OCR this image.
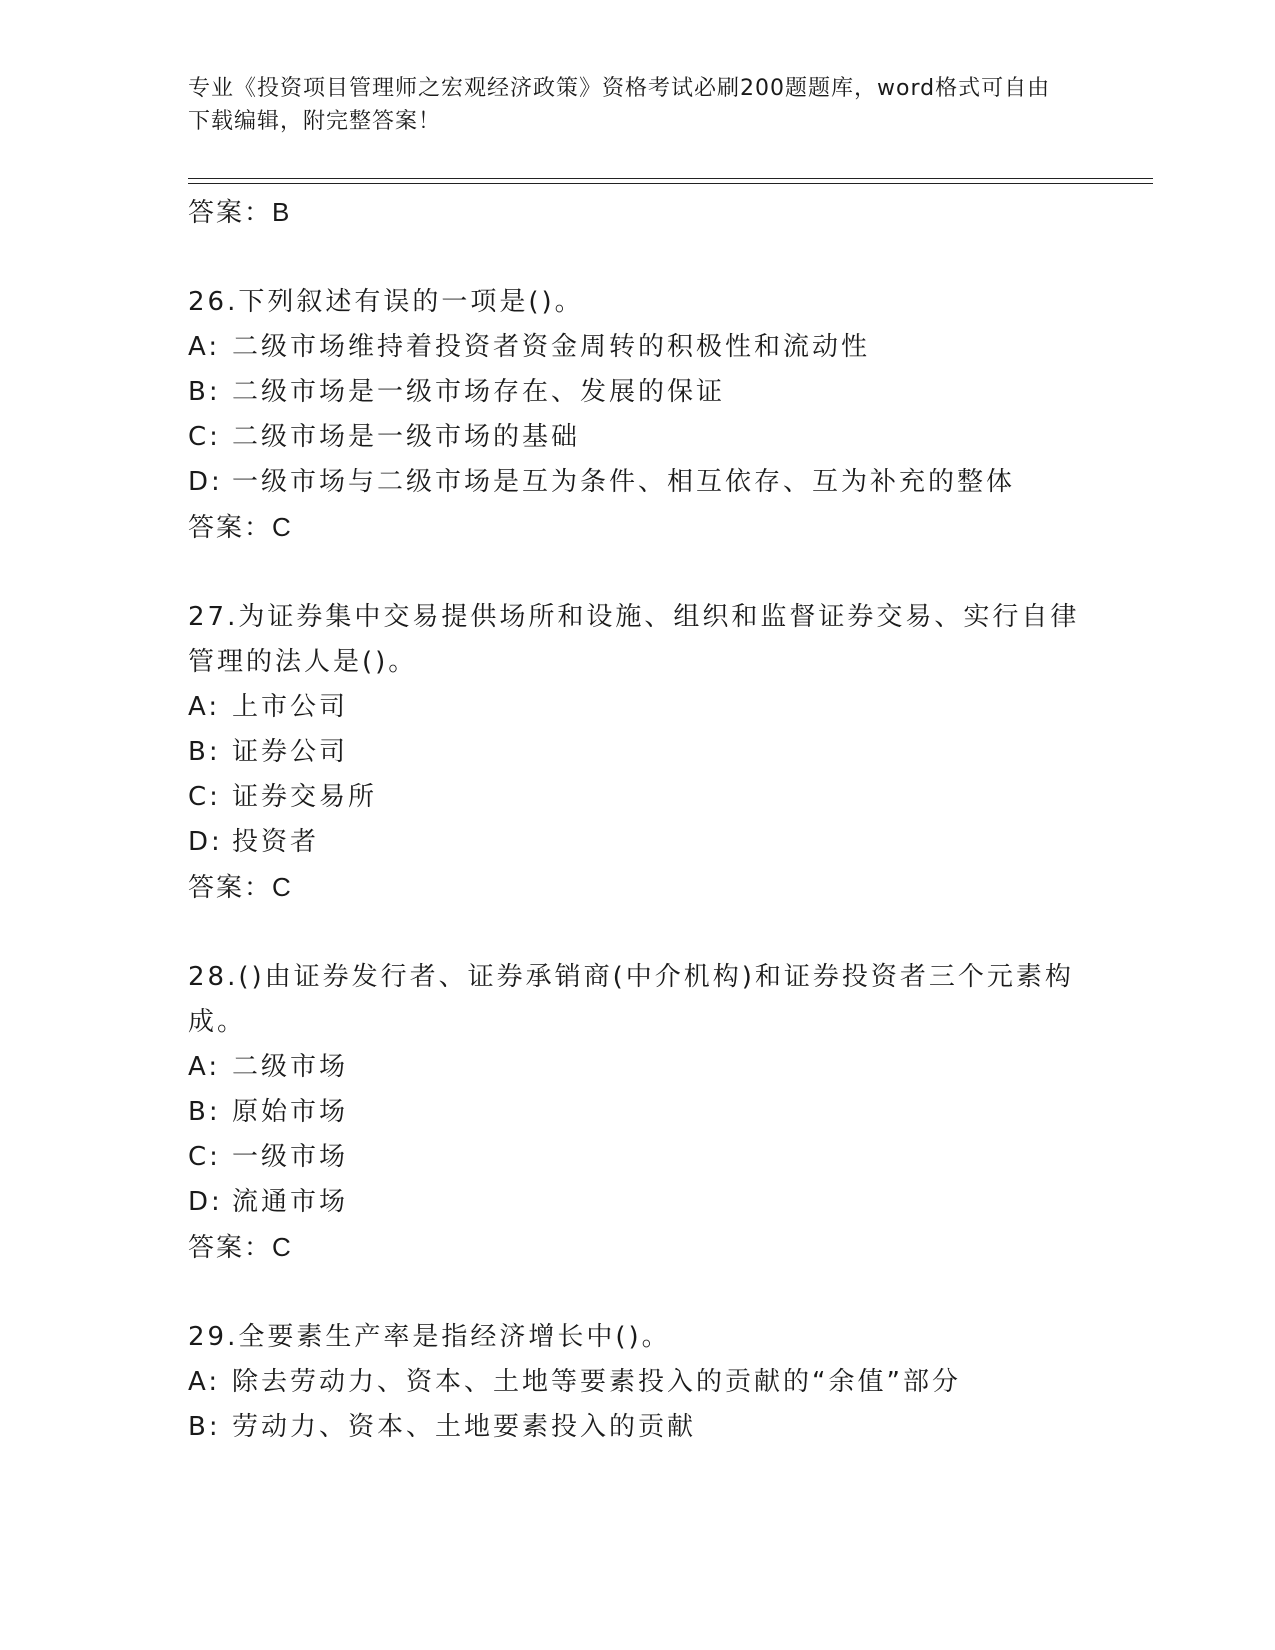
专业《投资项目管理师之宏观经济政策》资格考试必刷200题题库，word格式可自由下载编辑，附完整答案！
答案：B
26.下列叙述有误的一项是()。
A: 二级市场维持着投资者资金周转的积极性和流动性
B: 二级市场是一级市场存在、发展的保证
C: 二级市场是一级市场的基础
D: 一级市场与二级市场是互为条件、相互依存、互为补充的整体
答案：C
27.为证券集中交易提供场所和设施、组织和监督证券交易、实行自律管理的法人是()。
A: 上市公司
B: 证券公司
C: 证券交易所
D: 投资者
答案：C
28.()由证券发行者、证券承销商(中介机构)和证券投资者三个元素构成。
A: 二级市场
B: 原始市场
C: 一级市场
D: 流通市场
答案：C
29.全要素生产率是指经济增长中()。
A: 除去劳动力、资本、土地等要素投入的贡献的“余值”部分
B: 劳动力、资本、土地要素投入的贡献
